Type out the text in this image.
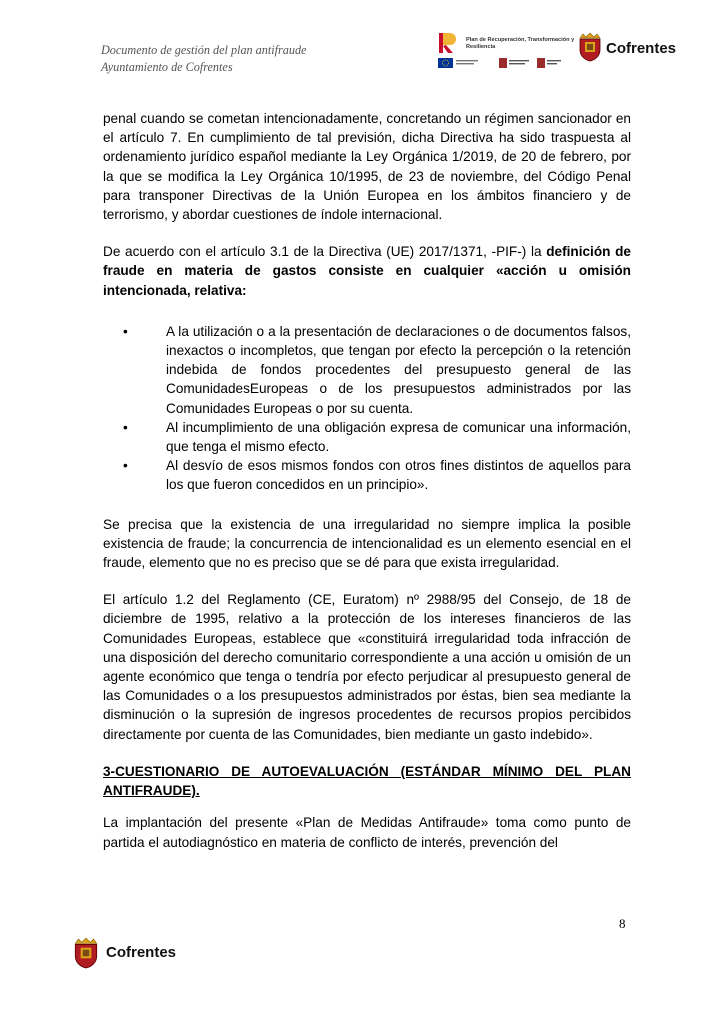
Documento de gestión del plan antifraude
Ayuntamiento de Cofrentes
Plan de Recuperación, Transformación y Resiliencia	Cofrentes

penal cuando se cometan intencionadamente, concretando un régimen sancionador en el artículo 7. En cumplimiento de tal previsión, dicha Directiva ha sido traspuesta al ordenamiento jurídico español mediante la Ley Orgánica 1/2019, de 20 de febrero, por la que se modifica la Ley Orgánica 10/1995, de 23 de noviembre, del Código Penal para transponer Directivas de la Unión Europea en los ámbitos financiero y de terrorismo, y abordar cuestiones de índole internacional.

De acuerdo con el artículo 3.1 de la Directiva (UE) 2017/1371, -PIF-) la definición de fraude en materia de gastos consiste en cualquier «acción u omisión intencionada, relativa:

•	A la utilización o a la presentación de declaraciones o de documentos falsos, inexactos o incompletos, que tengan por efecto la percepción o la retención indebida de fondos procedentes del presupuesto general de las ComunidadesEuropeas o de los presupuestos administrados por las Comunidades Europeas o por su cuenta.
•	Al incumplimiento de una obligación expresa de comunicar una información, que tenga el mismo efecto.
•	Al desvío de esos mismos fondos con otros fines distintos de aquellos para los que fueron concedidos en un principio».

Se precisa que la existencia de una irregularidad no siempre implica la posible existencia de fraude; la concurrencia de intencionalidad es un elemento esencial en el fraude, elemento que no es preciso que se dé para que exista irregularidad.

El artículo 1.2 del Reglamento (CE, Euratom) nº 2988/95 del Consejo, de 18 de diciembre de 1995, relativo a la protección de los intereses financieros de las Comunidades Europeas, establece que «constituirá irregularidad toda infracción de una disposición del derecho comunitario correspondiente a una acción u omisión de un agente económico que tenga o tendría por efecto perjudicar al presupuesto general de las Comunidades o a los presupuestos administrados por éstas, bien sea mediante la disminución o la supresión de ingresos procedentes de recursos propios percibidos directamente por cuenta de las Comunidades, bien mediante un gasto indebido».

3-CUESTIONARIO DE AUTOEVALUACIÓN (ESTÁNDAR MÍNIMO DEL PLAN ANTIFRAUDE).

La implantación del presente «Plan de Medidas Antifraude» toma como punto de partida el autodiagnóstico en materia de conflicto de interés, prevención del

8
Cofrentes
